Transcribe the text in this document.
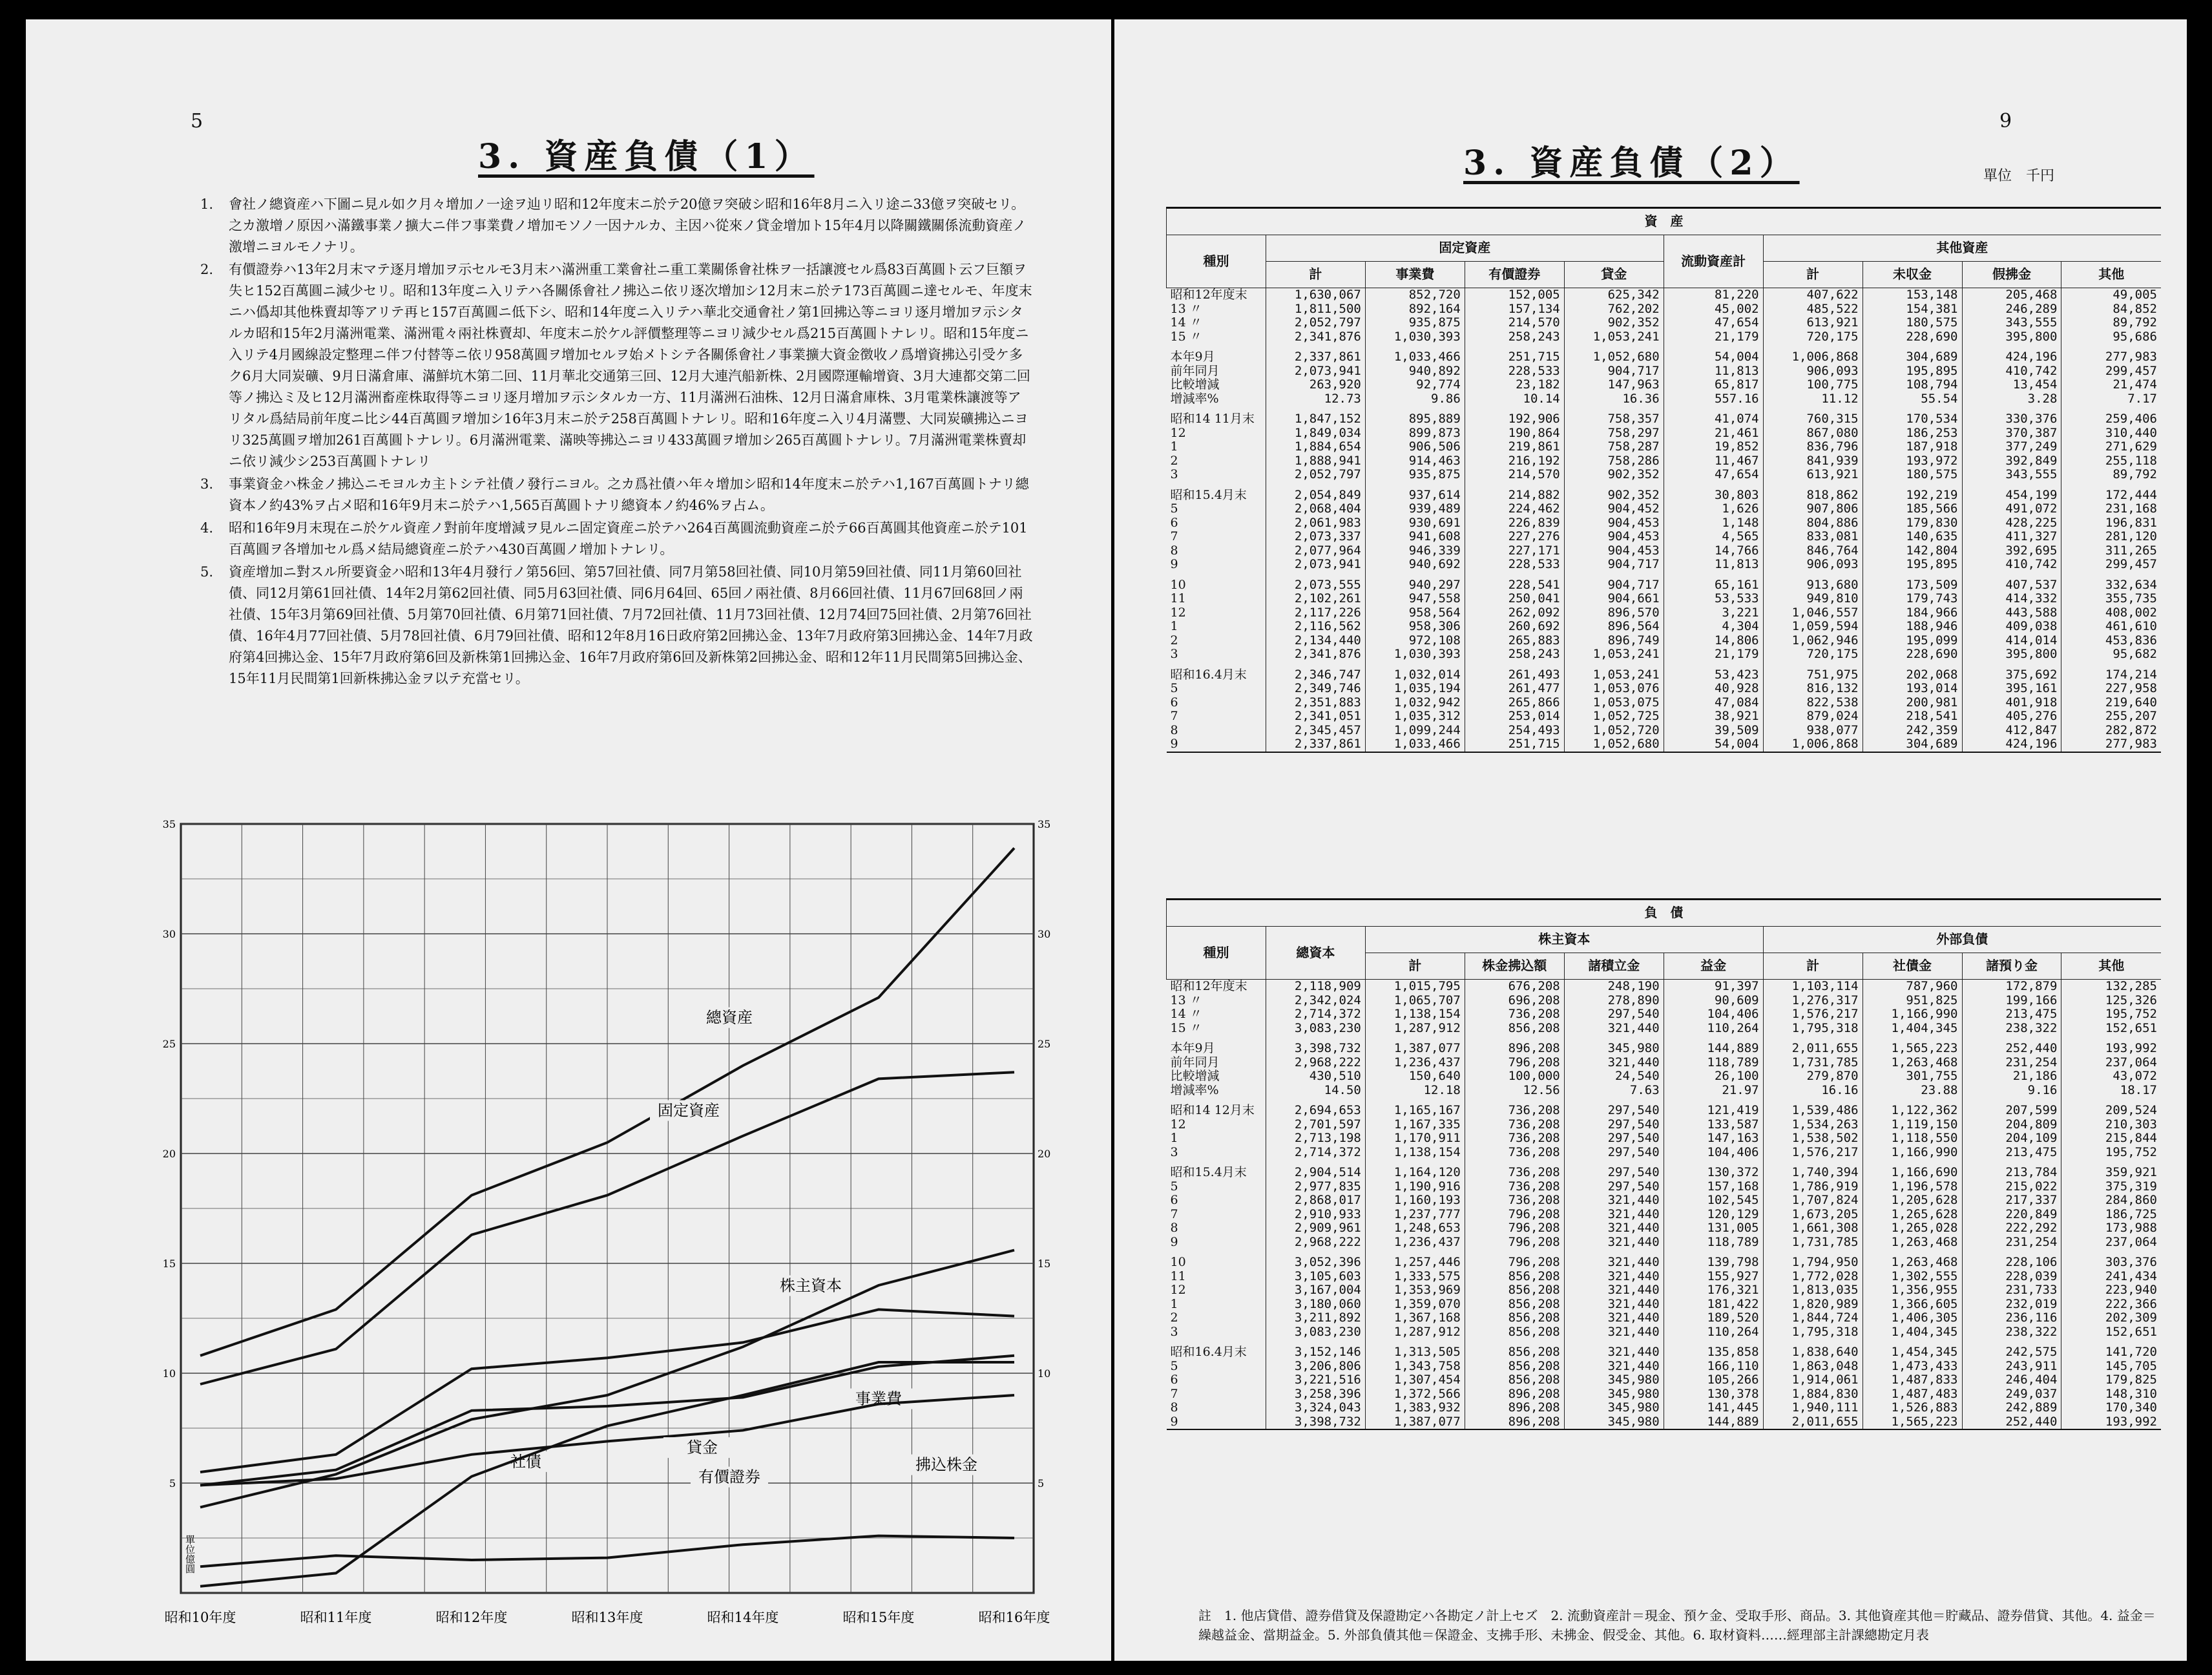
5
3. 資産負債（1）
1.	會社ノ總資産ハ下圖ニ見ル如ク月々增加ノ一途ヲ辿リ昭和12年度末ニ於テ20億ヲ突破シ昭和16年8月ニ入リ途ニ33億ヲ突破セリ。之カ激增ノ原因ハ滿鐵事業ノ擴大ニ伴フ事業費ノ增加モソノ一因ナルカ、主因ハ從來ノ貸金增加ト15年4月以降關鐵關係流動資産ノ激增ニヨルモノナリ。
2.	有價證券ハ13年2月末マテ逐月增加ヲ示セルモ3月末ハ滿洲重工業會社ニ重工業關係會社株ヲ一括讓渡セル爲83百萬圓ト云フ巨額ヲ失ヒ152百萬圓ニ減少セリ。昭和13年度ニ入リテハ各關係會社ノ拂込ニ依リ逐次增加シ12月末ニ於テ173百萬圓ニ達セルモ、年度末ニハ僞却其他株賣却等アリテ再ヒ157百萬圓ニ低下シ、昭和14年度ニ入リテハ華北交通會社ノ第1回拂込等ニヨリ逐月增加ヲ示シタルカ昭和15年2月滿洲電業、滿洲電々兩社株賣却、年度末ニ於ケル評價整理等ニヨリ減少セル爲215百萬圓トナレリ。昭和15年度ニ入リテ4月國線設定整理ニ伴フ付替等ニ依リ958萬圓ヲ增加セルヲ始メトシテ各關係會社ノ事業擴大資金徴收ノ爲增資拂込引受ケ多ク6月大同炭礦、9月日滿倉庫、滿鮮坑木第二回、11月華北交通第三回、12月大連汽船新株、2月國際運輸增資、3月大連都交第二回等ノ拂込ミ及ヒ12月滿洲畜産株取得等ニヨリ逐月增加ヲ示シタルカ一方、11月滿洲石油株、12月日滿倉庫株、3月電業株讓渡等アリタル爲結局前年度ニ比シ44百萬圓ヲ增加シ16年3月末ニ於テ258百萬圓トナレリ。昭和16年度ニ入リ4月滿豐、大同炭礦拂込ニヨリ325萬圓ヲ增加261百萬圓トナレリ。6月滿洲電業、滿映等拂込ニヨリ433萬圓ヲ增加シ265百萬圓トナレリ。7月滿洲電業株賣却ニ依リ減少シ253百萬圓トナレリ
3.	事業資金ハ株金ノ拂込ニモヨルカ主トシテ社債ノ發行ニヨル。之カ爲社債ハ年々增加シ昭和14年度末ニ於テハ1,167百萬圓トナリ總資本ノ約43%ヲ占メ昭和16年9月末ニ於テハ1,565百萬圓トナリ總資本ノ約46%ヲ占ム。
4.	昭和16年9月末現在ニ於ケル資産ノ對前年度增減ヲ見ルニ固定資産ニ於テハ264百萬圓流動資産ニ於テ66百萬圓其他資産ニ於テ101百萬圓ヲ各增加セル爲メ結局總資産ニ於テハ430百萬圓ノ增加トナレリ。
5.	資産增加ニ對スル所要資金ハ昭和13年4月發行ノ第56回、第57回社債、同7月第58回社債、同10月第59回社債、同11月第60回社債、同12月第61回社債、14年2月第62回社債、同5月63回社債、同6月64回、65回ノ兩社債、8月66回社債、11月67回68回ノ兩社債、15年3月第69回社債、5月第70回社債、6月第71回社債、7月72回社債、11月73回社債、12月74回75回社債、2月第76回社債、16年4月77回社債、5月78回社債、6月79回社債、昭和12年8月16日政府第2回拂込金、13年7月政府第3回拂込金、14年7月政府第4回拂込金、15年7月政府第6回及新株第1回拂込金、16年7月政府第6回及新株第2回拂込金、昭和12年11月民間第5回拂込金、15年11月民間第1回新株拂込金ヲ以テ充當セリ。
5
10
15
20
25
30
35
5
10
15
20
25
30
35
昭和10年度	昭和11年度	昭和12年度	昭和13年度	昭和14年度	昭和15年度	昭和16年度
單位億圓
總資産
固定資産
株主資本
事業費
社債	拂込株金
貸金
有價證券
9
3. 資産負債（2）	單位　千円
資　産									
種別	固定資産				流動資産計	其他資産			
	計	事業費	有價證券	貸金		計	未収金	假拂金	其他
昭和12年度末	1,630,067	852,720	152,005	625,342	81,220	407,622	153,148	205,468	49,005
13 〃	1,811,500	892,164	157,134	762,202	45,002	485,522	154,381	246,289	84,852
14 〃	2,052,797	935,875	214,570	902,352	47,654	613,921	180,575	343,555	89,792
15 〃	2,341,876	1,030,393	258,243	1,053,241	21,179	720,175	228,690	395,800	95,686

本年9月	2,337,861	1,033,466	251,715	1,052,680	54,004	1,006,868	304,689	424,196	277,983
前年同月	2,073,941	940,892	228,533	904,717	11,813	906,093	195,895	410,742	299,457
比較增減	263,920	92,774	23,182	147,963	65,817	100,775	108,794	13,454	21,474
增減率%	12.73	9.86	10.14	16.36	557.16	11.12	55.54	3.28	7.17

昭和14 11月末	1,847,152	895,889	192,906	758,357	41,074	760,315	170,534	330,376	259,406
12	1,849,034	899,873	190,864	758,297	21,461	867,080	186,253	370,387	310,440
1	1,884,654	906,506	219,861	758,287	19,852	836,796	187,918	377,249	271,629
2	1,888,941	914,463	216,192	758,286	11,467	841,939	193,972	392,849	255,118
3	2,052,797	935,875	214,570	902,352	47,654	613,921	180,575	343,555	89,792

昭和15.4月末	2,054,849	937,614	214,882	902,352	30,803	818,862	192,219	454,199	172,444
5	2,068,404	939,489	224,462	904,452	1,626	907,806	185,566	491,072	231,168
6	2,061,983	930,691	226,839	904,453	1,148	804,886	179,830	428,225	196,831
7	2,073,337	941,608	227,276	904,453	4,565	833,081	140,635	411,327	281,120
8	2,077,964	946,339	227,171	904,453	14,766	846,764	142,804	392,695	311,265
9	2,073,941	940,692	228,533	904,717	11,813	906,093	195,895	410,742	299,457

10	2,073,555	940,297	228,541	904,717	65,161	913,680	173,509	407,537	332,634
11	2,102,261	947,558	250,041	904,661	53,533	949,810	179,743	414,332	355,735
12	2,117,226	958,564	262,092	896,570	3,221	1,046,557	184,966	443,588	408,002
1	2,116,562	958,306	260,692	896,564	4,304	1,059,594	188,946	409,038	461,610
2	2,134,440	972,108	265,883	896,749	14,806	1,062,946	195,099	414,014	453,836
3	2,341,876	1,030,393	258,243	1,053,241	21,179	720,175	228,690	395,800	95,682

昭和16.4月末	2,346,747	1,032,014	261,493	1,053,241	53,423	751,975	202,068	375,692	174,214
5	2,349,746	1,035,194	261,477	1,053,076	40,928	816,132	193,014	395,161	227,958
6	2,351,883	1,032,942	265,866	1,053,075	47,084	822,538	200,981	401,918	219,640
7	2,341,051	1,035,312	253,014	1,052,725	38,921	879,024	218,541	405,276	255,207
8	2,345,457	1,099,244	254,493	1,052,720	39,509	938,077	242,359	412,847	282,872
9	2,337,861	1,033,466	251,715	1,052,680	54,004	1,006,868	304,689	424,196	277,983
負　債									
種別	總資本	株主資本				外部負債			
		計	株金拂込額	諸積立金	益金	計	社債金	諸預り金	其他
昭和12年度末	2,118,909	1,015,795	676,208	248,190	91,397	1,103,114	787,960	172,879	132,285
13 〃	2,342,024	1,065,707	696,208	278,890	90,609	1,276,317	951,825	199,166	125,326
14 〃	2,714,372	1,138,154	736,208	297,540	104,406	1,576,217	1,166,990	213,475	195,752
15 〃	3,083,230	1,287,912	856,208	321,440	110,264	1,795,318	1,404,345	238,322	152,651

本年9月	3,398,732	1,387,077	896,208	345,980	144,889	2,011,655	1,565,223	252,440	193,992
前年同月	2,968,222	1,236,437	796,208	321,440	118,789	1,731,785	1,263,468	231,254	237,064
比較增減	430,510	150,640	100,000	24,540	26,100	279,870	301,755	21,186	43,072
增減率%	14.50	12.18	12.56	7.63	21.97	16.16	23.88	9.16	18.17

昭和14 12月末	2,694,653	1,165,167	736,208	297,540	121,419	1,539,486	1,122,362	207,599	209,524
12	2,701,597	1,167,335	736,208	297,540	133,587	1,534,263	1,119,150	204,809	210,303
1	2,713,198	1,170,911	736,208	297,540	147,163	1,538,502	1,118,550	204,109	215,844
3	2,714,372	1,138,154	736,208	297,540	104,406	1,576,217	1,166,990	213,475	195,752

昭和15.4月末	2,904,514	1,164,120	736,208	297,540	130,372	1,740,394	1,166,690	213,784	359,921
5	2,977,835	1,190,916	736,208	297,540	157,168	1,786,919	1,196,578	215,022	375,319
6	2,868,017	1,160,193	736,208	321,440	102,545	1,707,824	1,205,628	217,337	284,860
7	2,910,933	1,237,777	796,208	321,440	120,129	1,673,205	1,265,628	220,849	186,725
8	2,909,961	1,248,653	796,208	321,440	131,005	1,661,308	1,265,028	222,292	173,988
9	2,968,222	1,236,437	796,208	321,440	118,789	1,731,785	1,263,468	231,254	237,064

10	3,052,396	1,257,446	796,208	321,440	139,798	1,794,950	1,263,468	228,106	303,376
11	3,105,603	1,333,575	856,208	321,440	155,927	1,772,028	1,302,555	228,039	241,434
12	3,167,004	1,353,969	856,208	321,440	176,321	1,813,035	1,356,955	231,733	223,940
1	3,180,060	1,359,070	856,208	321,440	181,422	1,820,989	1,366,605	232,019	222,366
2	3,211,892	1,367,168	856,208	321,440	189,520	1,844,724	1,406,305	236,116	202,309
3	3,083,230	1,287,912	856,208	321,440	110,264	1,795,318	1,404,345	238,322	152,651

昭和16.4月末	3,152,146	1,313,505	856,208	321,440	135,858	1,838,640	1,454,345	242,575	141,720
5	3,206,806	1,343,758	856,208	321,440	166,110	1,863,048	1,473,433	243,911	145,705
6	3,221,516	1,307,454	856,208	345,980	105,266	1,914,061	1,487,833	246,404	179,825
7	3,258,396	1,372,566	896,208	345,980	130,378	1,884,830	1,487,483	249,037	148,310
8	3,324,043	1,383,932	896,208	345,980	141,445	1,940,111	1,526,883	242,889	170,340
9	3,398,732	1,387,077	896,208	345,980	144,889	2,011,655	1,565,223	252,440	193,992
註　1. 他店貸借、證券借貸及保證勘定ハ各勘定ノ計上セズ　2. 流動資産計＝現金、預ケ金、受取手形、商品。3. 其他資産其他＝貯藏品、證券借貸、其他。4. 益金＝繰越益金、當期益金。5. 外部負債其他＝保證金、支拂手形、未拂金、假受金、其他。6. 取材資料……經理部主計課總勘定月表
